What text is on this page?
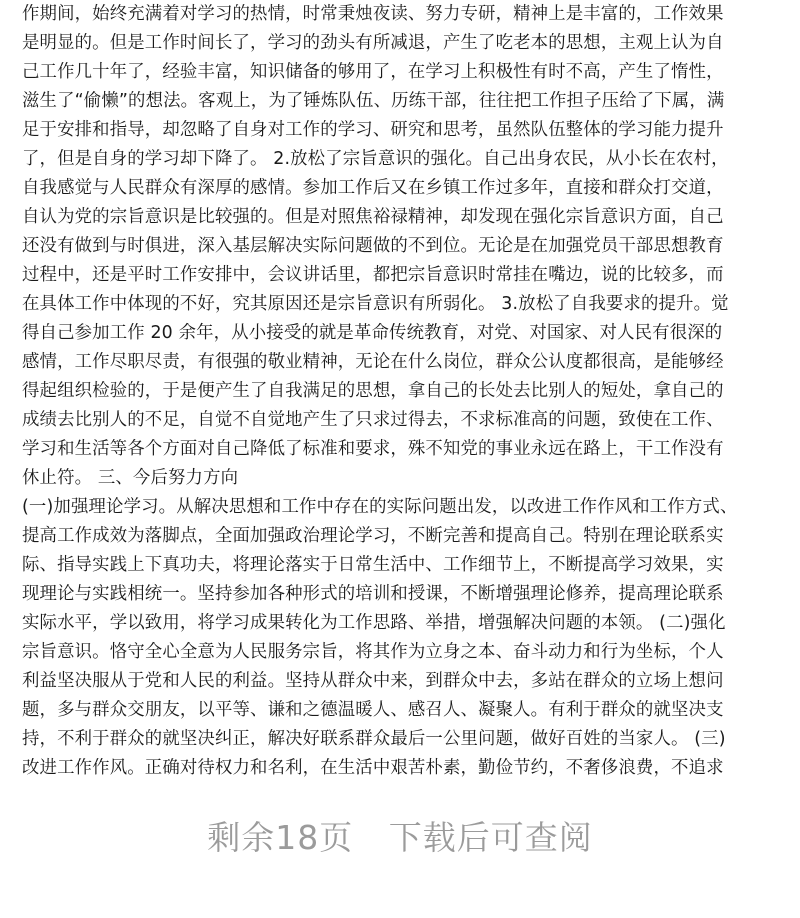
作期间，始终充满着对学习的热情，时常秉烛夜读、努力专研，精神上是丰富的，工作效果
是明显的。但是工作时间长了，学习的劲头有所减退，产生了吃老本的思想，主观上认为自
己工作几十年了，经验丰富，知识储备的够用了，在学习上积极性有时不高，产生了惰性，
滋生了“偷懒”的想法。客观上，为了锤炼队伍、历练干部，往往把工作担子压给了下属，满
足于安排和指导，却忽略了自身对工作的学习、研究和思考，虽然队伍整体的学习能力提升
了，但是自身的学习却下降了。 2.放松了宗旨意识的强化。自己出身农民，从小长在农村，
自我感觉与人民群众有深厚的感情。参加工作后又在乡镇工作过多年，直接和群众打交道，
自认为党的宗旨意识是比较强的。但是对照焦裕禄精神，却发现在强化宗旨意识方面，自己
还没有做到与时俱进，深入基层解决实际问题做的不到位。无论是在加强党员干部思想教育
过程中，还是平时工作安排中，会议讲话里，都把宗旨意识时常挂在嘴边，说的比较多，而
在具体工作中体现的不好，究其原因还是宗旨意识有所弱化。 3.放松了自我要求的提升。觉
得自己参加工作 20 余年，从小接受的就是革命传统教育，对党、对国家、对人民有很深的
感情，工作尽职尽责，有很强的敬业精神，无论在什么岗位，群众公认度都很高，是能够经
得起组织检验的，于是便产生了自我满足的思想，拿自己的长处去比别人的短处，拿自己的
成绩去比别人的不足，自觉不自觉地产生了只求过得去，不求标准高的问题，致使在工作、
学习和生活等各个方面对自己降低了标准和要求，殊不知党的事业永远在路上，干工作没有
休止符。 三、今后努力方向
(一)加强理论学习。从解决思想和工作中存在的实际问题出发，以改进工作作风和工作方式、
提高工作成效为落脚点，全面加强政治理论学习，不断完善和提高自己。特别在理论联系实
际、指导实践上下真功夫，将理论落实于日常生活中、工作细节上，不断提高学习效果，实
现理论与实践相统一。坚持参加各种形式的培训和授课，不断增强理论修养，提高理论联系
实际水平，学以致用，将学习成果转化为工作思路、举措，增强解决问题的本领。 (二)强化
宗旨意识。恪守全心全意为人民服务宗旨，将其作为立身之本、奋斗动力和行为坐标，个人
利益坚决服从于党和人民的利益。坚持从群众中来，到群众中去，多站在群众的立场上想问
题，多与群众交朋友，以平等、谦和之德温暖人、感召人、凝聚人。有利于群众的就坚决支
持，不利于群众的就坚决纠正，解决好联系群众最后一公里问题，做好百姓的当家人。 (三)
改进工作作风。正确对待权力和名利，在生活中艰苦朴素，勤俭节约，不奢侈浪费，不追求
剩余18页 下载后可查阅
